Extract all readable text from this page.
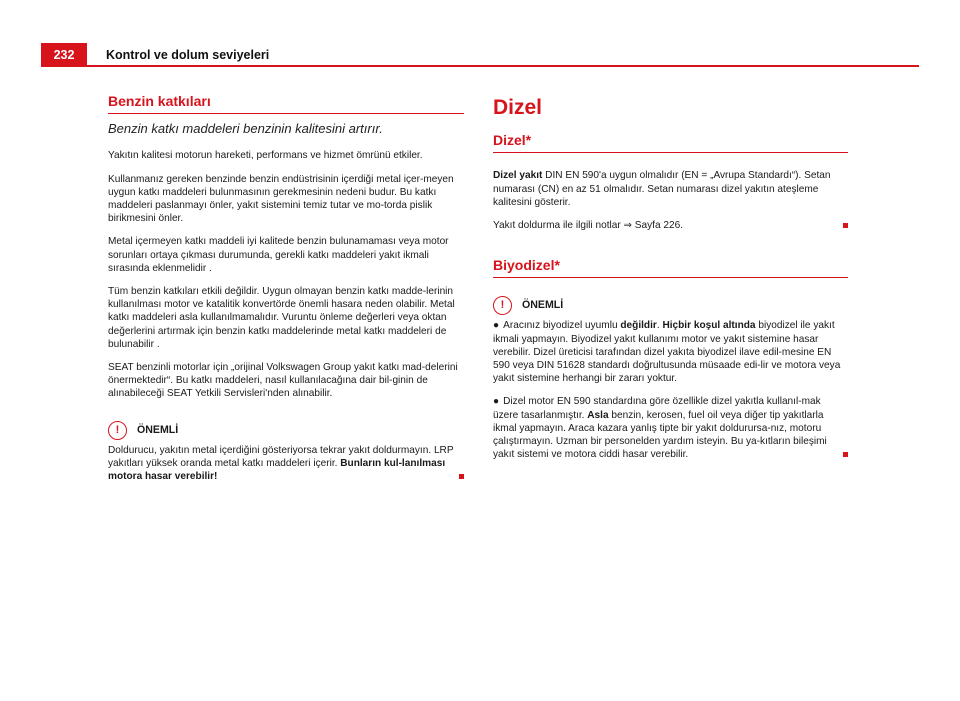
232	Kontrol ve dolum seviyeleri
Benzin katkıları
Benzin katkı maddeleri benzinin kalitesini artırır.

Yakıtın kalitesi motorun hareketi, performans ve hizmet ömrünü etkiler.

Kullanmanız gereken benzinde benzin endüstrisinin içerdiği metal içer-meyen uygun katkı maddeleri bulunmasının gerekmesinin nedeni budur. Bu katkı maddeleri paslanmayı önler, yakıt sistemini temiz tutar ve mo-torda pislik birikmesini önler.

Metal içermeyen katkı maddeli iyi kalitede benzin bulunamaması veya motor sorunları ortaya çıkması durumunda, gerekli katkı maddeleri yakıt ikmali sırasında eklenmelidir .

Tüm benzin katkıları etkili değildir. Uygun olmayan benzin katkı madde-lerinin kullanılması motor ve katalitik konvertörde önemli hasara neden olabilir. Metal katkı maddeleri asla kullanılmamalıdır. Vuruntu önleme değerleri veya oktan değerlerini artırmak için benzin katkı maddelerinde metal katkı maddeleri de bulunabilir .

SEAT benzinli motorlar için „orijinal Volkswagen Group yakıt katkı mad-delerini önermektedir“. Bu katkı maddeleri, nasıl kullanılacağına dair bil-ginin de alınabileceği SEAT Yetkili Servisleri'nden alınabilir.

!	ÖNEMLİ

Doldurucu, yakıtın metal içerdiğini gösteriyorsa tekrar yakıt doldurmayın. LRP yakıtları yüksek oranda metal katkı maddeleri içerir. Bunların kul-lanılması motora hasar verebilir!

Dizel
Dizel*

Dizel yakıt DIN EN 590'a uygun olmalıdır (EN = „Avrupa Standardı“). Setan numarası (CN) en az 51 olmalıdır. Setan numarası dizel yakıtın ateşleme kalitesini gösterir.

Yakıt doldurma ile ilgili notlar ⇒ Sayfa 226.

Biyodizel*
!	ÖNEMLİ

● Aracınız biyodizel uyumlu değildir. Hiçbir koşul altında biyodizel ile yakıt ikmali yapmayın. Biyodizel yakıt kullanımı motor ve yakıt sistemine hasar verebilir. Dizel üreticisi tarafından dizel yakıta biyodizel ilave edil-mesine EN 590 veya DIN 51628 standardı doğrultusunda müsaade edi-lir ve motora veya yakıt sistemine herhangi bir zararı yoktur.

● Dizel motor EN 590 standardına göre özellikle dizel yakıtla kullanıl-mak üzere tasarlanmıştır. Asla benzin, kerosen, fuel oil veya diğer tip yakıtlarla ikmal yapmayın. Araca kazara yanlış tipte bir yakıt doldurursa-nız, motoru çalıştırmayın. Uzman bir personelden yardım isteyin. Bu ya-kıtların bileşimi yakıt sistemi ve motora ciddi hasar verebilir.
